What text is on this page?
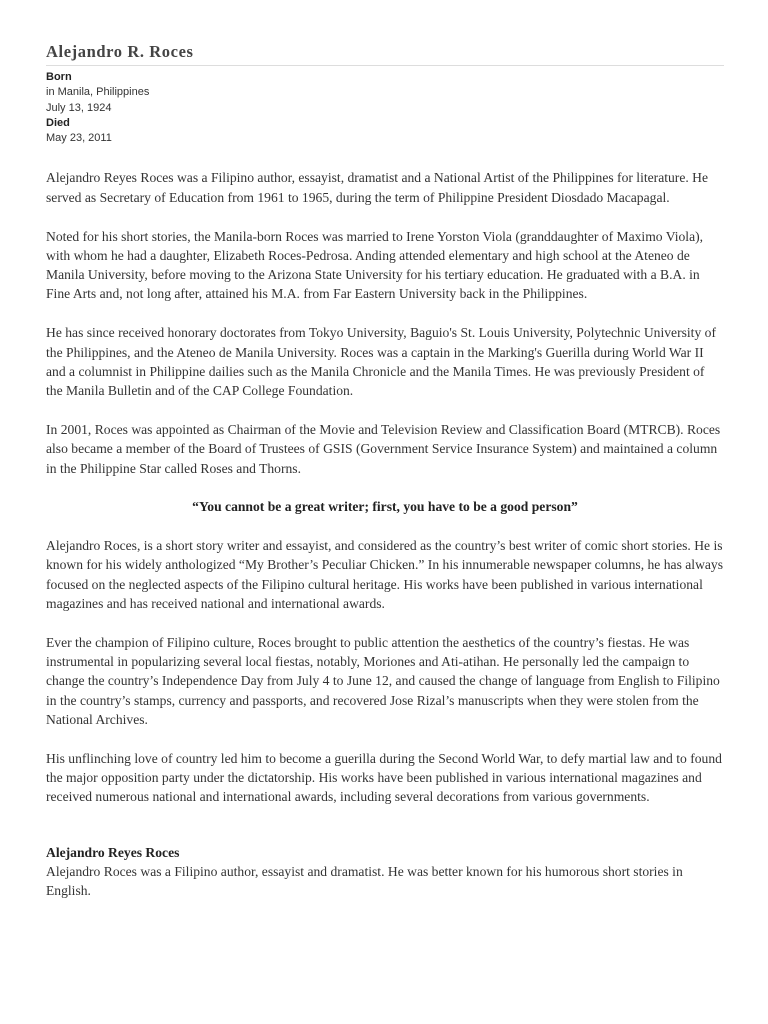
Alejandro R. Roces
Born
in Manila, Philippines
July 13, 1924
Died
May 23, 2011

Alejandro Reyes Roces was a Filipino author, essayist, dramatist and a National Artist of the Philippines for literature. He served as Secretary of Education from 1961 to 1965, during the term of Philippine President Diosdado Macapagal.

Noted for his short stories, the Manila-born Roces was married to Irene Yorston Viola (granddaughter of Maximo Viola), with whom he had a daughter, Elizabeth Roces-Pedrosa. Anding attended elementary and high school at the Ateneo de Manila University, before moving to the Arizona State University for his tertiary education. He graduated with a B.A. in Fine Arts and, not long after, attained his M.A. from Far Eastern University back in the Philippines.

He has since received honorary doctorates from Tokyo University, Baguio's St. Louis University, Polytechnic University of the Philippines, and the Ateneo de Manila University. Roces was a captain in the Marking's Guerilla during World War II and a columnist in Philippine dailies such as the Manila Chronicle and the Manila Times. He was previously President of the Manila Bulletin and of the CAP College Foundation.

In 2001, Roces was appointed as Chairman of the Movie and Television Review and Classification Board (MTRCB). Roces also became a member of the Board of Trustees of GSIS (Government Service Insurance System) and maintained a column in the Philippine Star called Roses and Thorns.

“You cannot be a great writer; first, you have to be a good person”

Alejandro Roces, is a short story writer and essayist, and considered as the country’s best writer of comic short stories. He is known for his widely anthologized “My Brother’s Peculiar Chicken.” In his innumerable newspaper columns, he has always focused on the neglected aspects of the Filipino cultural heritage. His works have been published in various international magazines and has received national and international awards.

Ever the champion of Filipino culture, Roces brought to public attention the aesthetics of the country’s fiestas. He was instrumental in popularizing several local fiestas, notably, Moriones and Ati-atihan. He personally led the campaign to change the country’s Independence Day from July 4 to June 12, and caused the change of language from English to Filipino in the country’s stamps, currency and passports, and recovered Jose Rizal’s manuscripts when they were stolen from the National Archives.

His unflinching love of country led him to become a guerilla during the Second World War, to defy martial law and to found the major opposition party under the dictatorship. His works have been published in various international magazines and received numerous national and international awards, including several decorations from various governments.

Alejandro Reyes Roces

Alejandro Roces was a Filipino author, essayist and dramatist. He was better known for his humorous short stories in English.
